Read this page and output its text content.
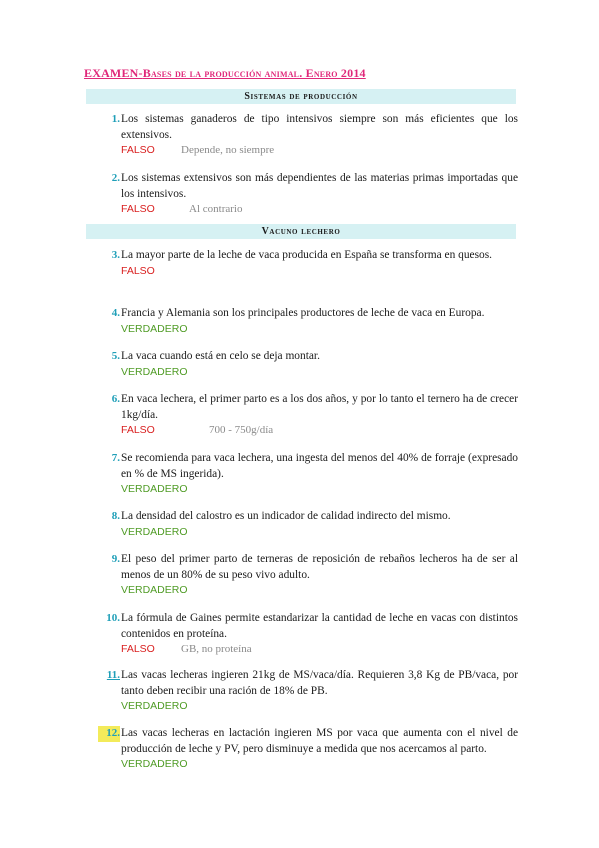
EXAMEN-Bases de la producción animal. Enero 2014
Sistemas de producción
1. Los sistemas ganaderos de tipo intensivos siempre son más eficientes que los extensivos.
FALSO Depende, no siempre
2. Los sistemas extensivos son más dependientes de las materias primas importadas que los intensivos.
FALSO	Al contrario
Vacuno lechero
3. La mayor parte de la leche de vaca producida en España se transforma en quesos.
FALSO
4. Francia y Alemania son los principales productores de leche de vaca en Europa.
VERDADERO
5. La vaca cuando está en celo se deja montar.
VERDADERO
6. En vaca lechera, el primer parto es a los dos años, y por lo tanto el ternero ha de crecer 1kg/día.
FALSO	700 - 750g/día
7. Se recomienda para vaca lechera, una ingesta del menos del 40% de forraje (expresado en % de MS ingerida).
VERDADERO
8. La densidad del calostro es un indicador de calidad indirecto del mismo.
VERDADERO
9. El peso del primer parto de terneras de reposición de rebaños lecheros ha de ser al menos de un 80% de su peso vivo adulto.
VERDADERO
10. La fórmula de Gaines permite estandarizar la cantidad de leche en vacas con distintos contenidos en proteína.
FALSO GB, no proteína
11. Las vacas lecheras ingieren 21kg de MS/vaca/día. Requieren 3,8 Kg de PB/vaca, por tanto deben recibir una ración de 18% de PB.
VERDADERO
12. Las vacas lecheras en lactación ingieren MS por vaca que aumenta con el nivel de producción de leche y PV, pero disminuye a medida que nos acercamos al parto.
VERDADERO
